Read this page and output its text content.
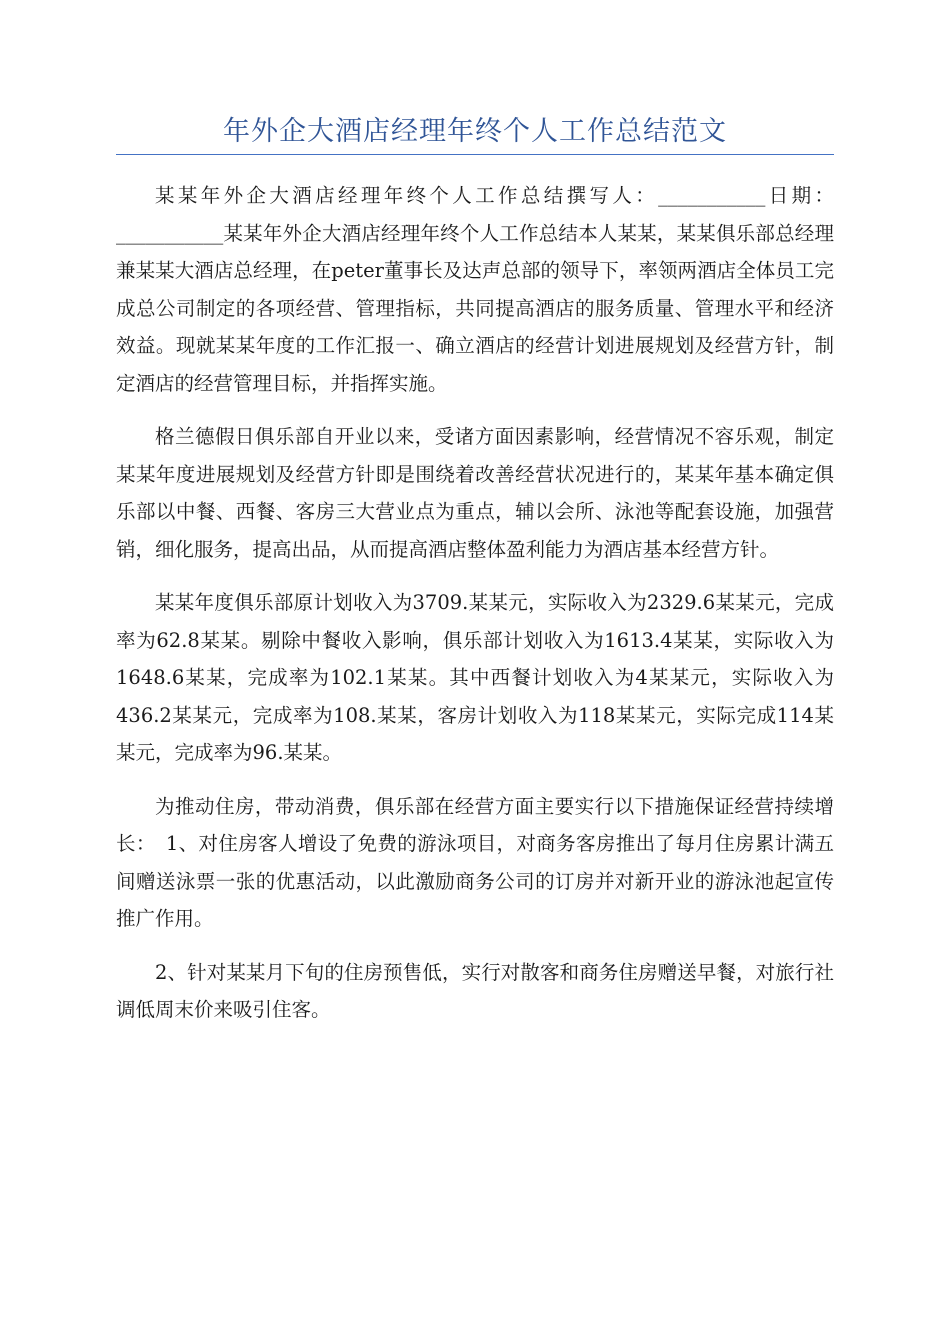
年外企大酒店经理年终个人工作总结范文

某某年外企大酒店经理年终个人工作总结撰写人：___________日期：___________某某年外企大酒店经理年终个人工作总结本人某某，某某俱乐部总经理兼某某大酒店总经理，在peter董事长及达声总部的领导下，率领两酒店全体员工完成总公司制定的各项经营、管理指标，共同提高酒店的服务质量、管理水平和经济效益。现就某某年度的工作汇报一、确立酒店的经营计划进展规划及经营方针，制定酒店的经营管理目标，并指挥实施。

格兰德假日俱乐部自开业以来，受诸方面因素影响，经营情况不容乐观，制定某某年度进展规划及经营方针即是围绕着改善经营状况进行的，某某年基本确定俱乐部以中餐、西餐、客房三大营业点为重点，辅以会所、泳池等配套设施，加强营销，细化服务，提高出品，从而提高酒店整体盈利能力为酒店基本经营方针。

某某年度俱乐部原计划收入为3709.某某元，实际收入为2329.6某某元，完成率为62.8某某。剔除中餐收入影响，俱乐部计划收入为1613.4某某，实际收入为1648.6某某，完成率为102.1某某。其中西餐计划收入为4某某元，实际收入为436.2某某元，完成率为108.某某，客房计划收入为118某某元，实际完成114某某元，完成率为96.某某。

为推动住房，带动消费，俱乐部在经营方面主要实行以下措施保证经营持续增长：　1、对住房客人增设了免费的游泳项目，对商务客房推出了每月住房累计满五间赠送泳票一张的优惠活动，以此激励商务公司的订房并对新开业的游泳池起宣传推广作用。

2、针对某某月下旬的住房预售低，实行对散客和商务住房赠送早餐，对旅行社调低周末价来吸引住客。
